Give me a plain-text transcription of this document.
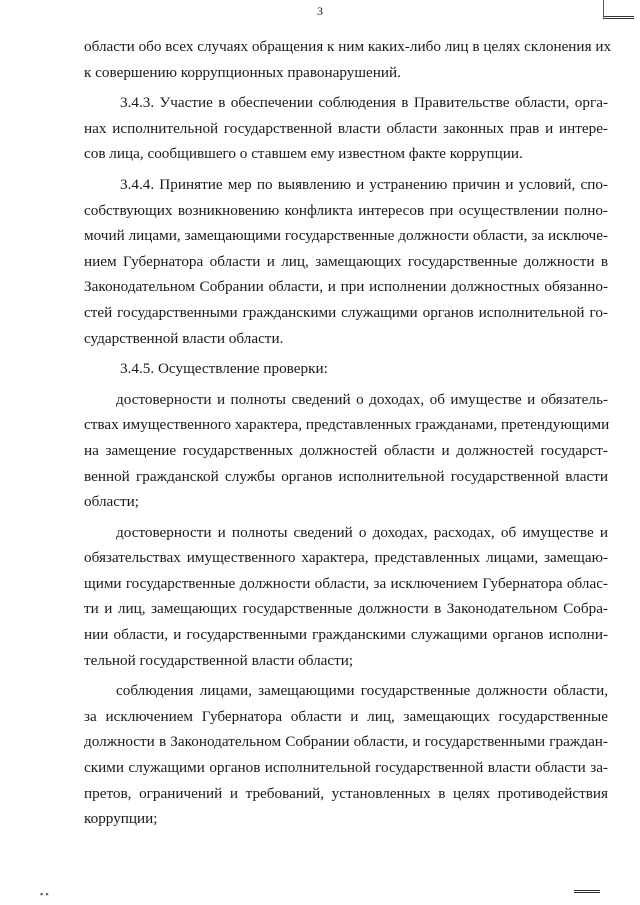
3
области обо всех случаях обращения к ним каких-либо лиц в целях склонения их
к совершению коррупционных правонарушений.
3.4.3. Участие в обеспечении соблюдения в Правительстве области, орга-
нах исполнительной государственной власти области законных прав и интере-
сов лица, сообщившего о ставшем ему известном факте коррупции.
3.4.4. Принятие мер по выявлению и устранению причин и условий, спо-
собствующих возникновению конфликта интересов при осуществлении полно-
мочий лицами, замещающими государственные должности области, за исключе-
нием Губернатора области и лиц, замещающих государственные должности в
Законодательном Собрании области, и при исполнении должностных обязанно-
стей государственными гражданскими служащими органов исполнительной го-
сударственной власти области.
3.4.5. Осуществление проверки:
достоверности и полноты сведений о доходах, об имуществе и обязатель-
ствах имущественного характера, представленных гражданами, претендующими
на замещение государственных должностей области и должностей государст-
венной гражданской службы органов исполнительной государственной власти
области;
достоверности и полноты сведений о доходах, расходах, об имуществе и
обязательствах имущественного характера, представленных лицами, замещаю-
щими государственные должности области, за исключением Губернатора облас-
ти и лиц, замещающих государственные должности в Законодательном Собра-
нии области, и государственными гражданскими служащими органов исполни-
тельной государственной власти области;
соблюдения лицами, замещающими государственные должности области,
за исключением Губернатора области и лиц, замещающих государственные
должности в Законодательном Собрании области, и государственными граждан-
скими служащими органов исполнительной государственной власти области за-
претов, ограничений и требований, установленных в целях противодействия
коррупции;
▪ ▪
